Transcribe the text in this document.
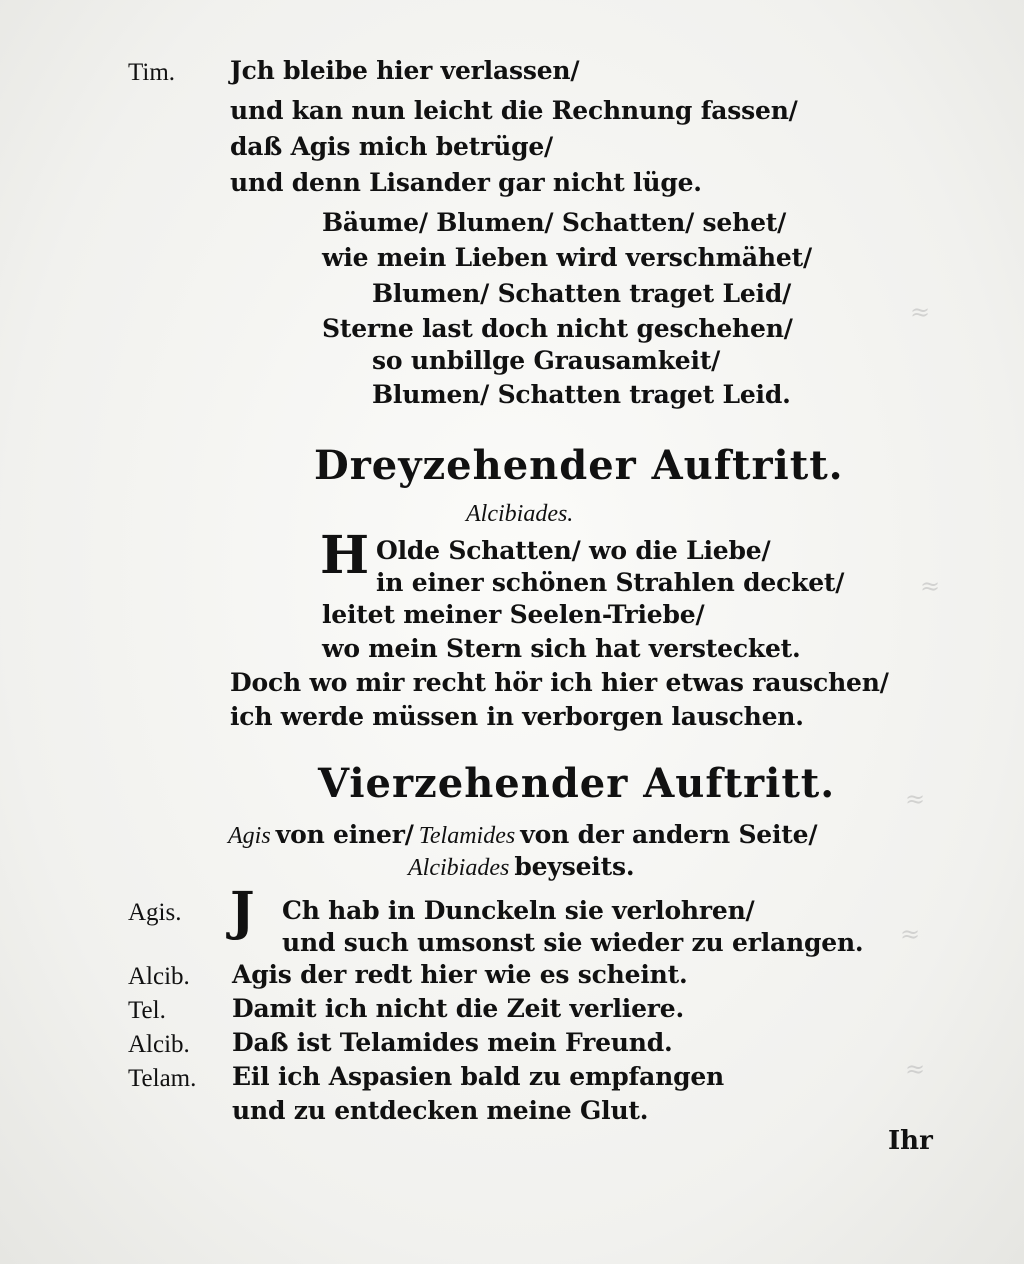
≈
≈
≈
≈
≈
Tim. Jch bleibe hier verlassen/
und kan nun leicht die Rechnung fassen/
daß Agis mich betrüge/
und denn Lisander gar nicht lüge.
Bäume/ Blumen/ Schatten/ sehet/
wie mein Lieben wird verschmähet/
Blumen/ Schatten traget Leid/
Sterne last doch nicht geschehen/
so unbillge Grausamkeit/
Blumen/ Schatten traget Leid.
Dreyzehender Auftritt.
Alcibiades.
H Olde Schatten/ wo die Liebe/
in einer schönen Strahlen decket/
leitet meiner Seelen-Triebe/
wo mein Stern sich hat verstecket.
Doch wo mir recht hör ich hier etwas rauschen/
ich werde müssen in verborgen lauschen.
Vierzehender Auftritt.
Agis von einer/ Telamides von der andern Seite/
Alcibiades beyseits.
Agis. J Ch hab in Dunckeln sie verlohren/
und such umsonst sie wieder zu erlangen.
Alcib. Agis der redt hier wie es scheint.
Tel.	Damit ich nicht die Zeit verliere.
Alcib. Daß ist Telamides mein Freund.
Telam. Eil ich Aspasien bald zu empfangen
und zu entdecken meine Glut.
Ihr
